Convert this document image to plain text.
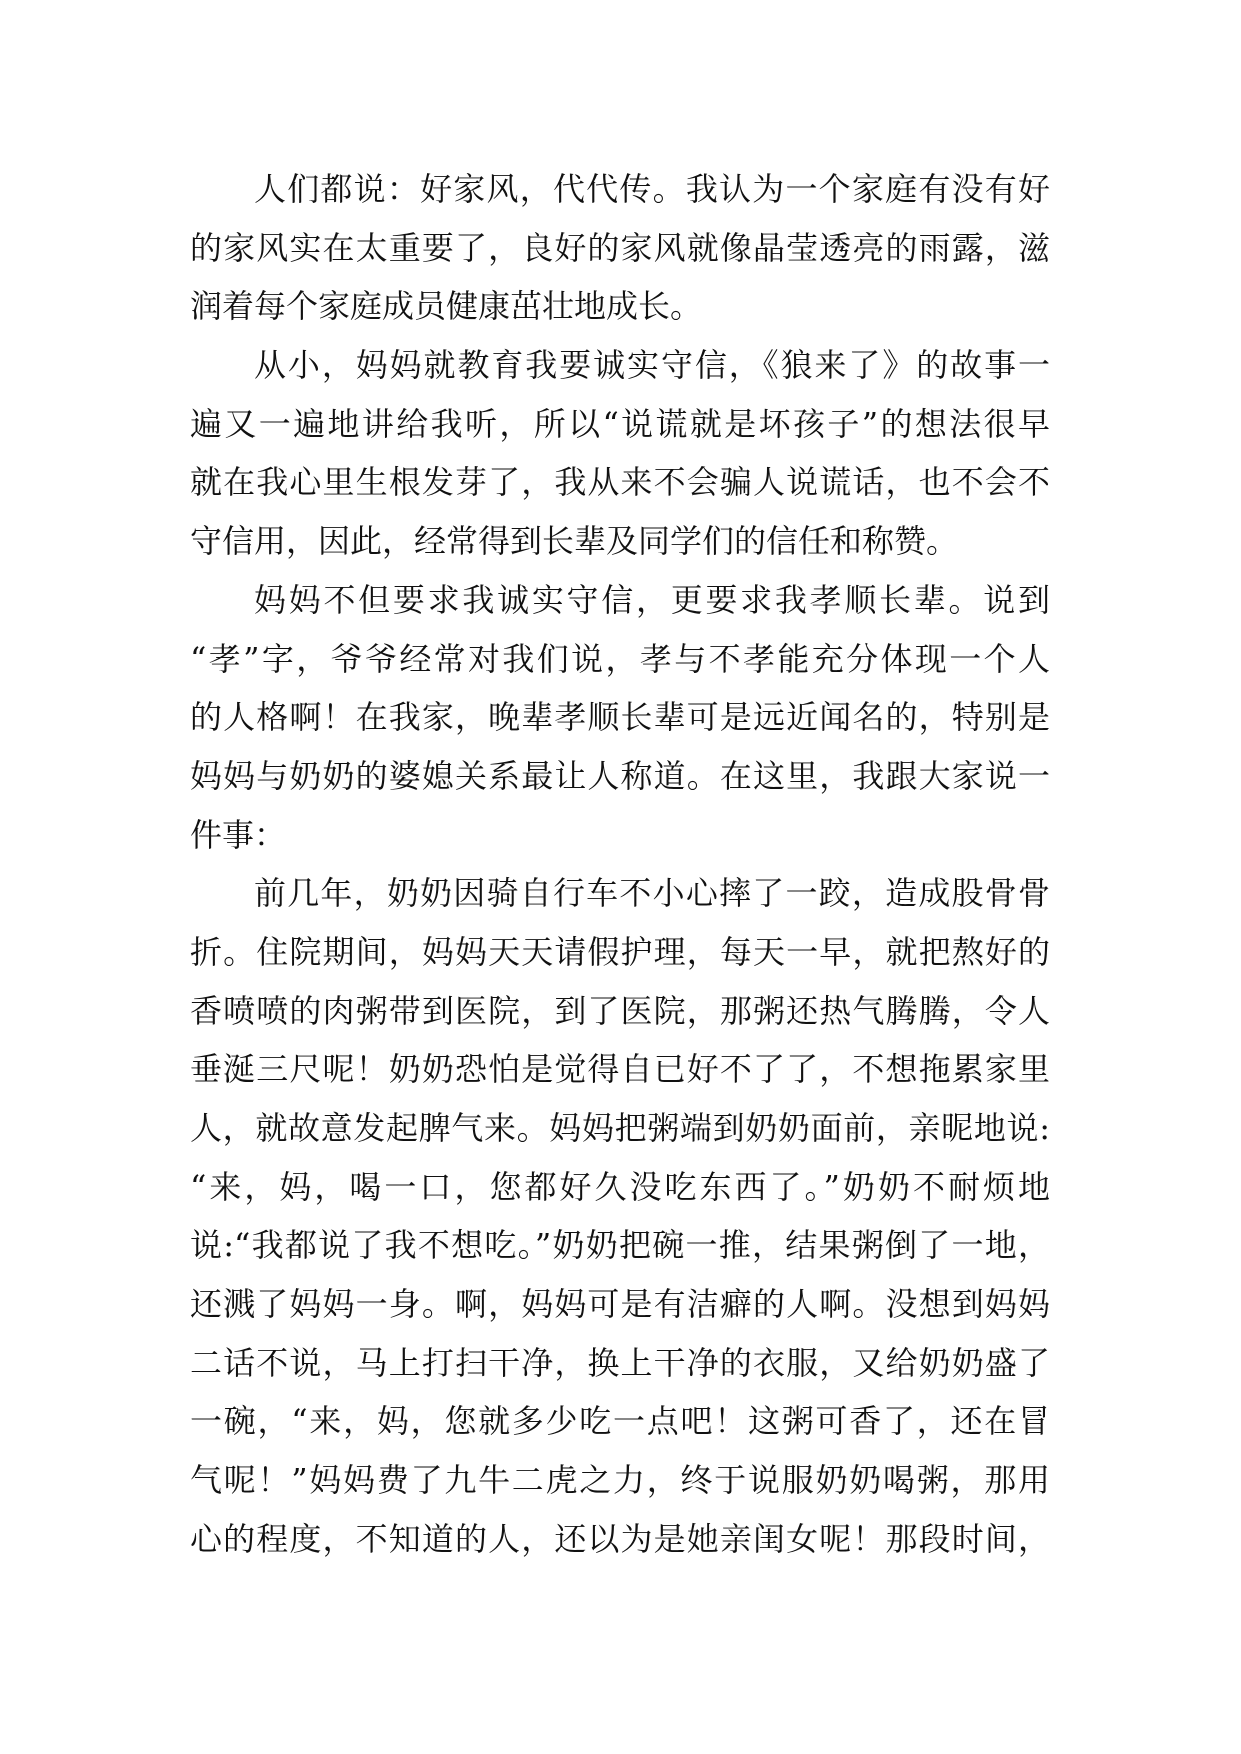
人们都说：好家风，代代传。我认为一个家庭有没有好
的家风实在太重要了，良好的家风就像晶莹透亮的雨露，滋
润着每个家庭成员健康茁壮地成长。
从小，妈妈就教育我要诚实守信，《狼来了》的故事一
遍又一遍地讲给我听，所以“说谎就是坏孩子”的想法很早
就在我心里生根发芽了，我从来不会骗人说谎话，也不会不
守信用，因此，经常得到长辈及同学们的信任和称赞。
妈妈不但要求我诚实守信，更要求我孝顺长辈。说到
“孝”字，爷爷经常对我们说，孝与不孝能充分体现一个人
的人格啊！在我家，晚辈孝顺长辈可是远近闻名的，特别是
妈妈与奶奶的婆媳关系最让人称道。在这里，我跟大家说一
件事：
前几年，奶奶因骑自行车不小心摔了一跤，造成股骨骨
折。住院期间，妈妈天天请假护理，每天一早，就把熬好的
香喷喷的肉粥带到医院，到了医院，那粥还热气腾腾，令人
垂涎三尺呢！奶奶恐怕是觉得自已好不了了，不想拖累家里
人，就故意发起脾气来。妈妈把粥端到奶奶面前，亲昵地说:
“来，妈，喝一口，您都好久没吃东西了。”奶奶不耐烦地
说:“我都说了我不想吃。”奶奶把碗一推，结果粥倒了一地，
还溅了妈妈一身。啊，妈妈可是有洁癖的人啊。没想到妈妈
二话不说，马上打扫干净，换上干净的衣服，又给奶奶盛了
一碗，“来，妈，您就多少吃一点吧！这粥可香了，还在冒
气呢！”妈妈费了九牛二虎之力，终于说服奶奶喝粥，那用
心的程度，不知道的人，还以为是她亲闺女呢！那段时间，
